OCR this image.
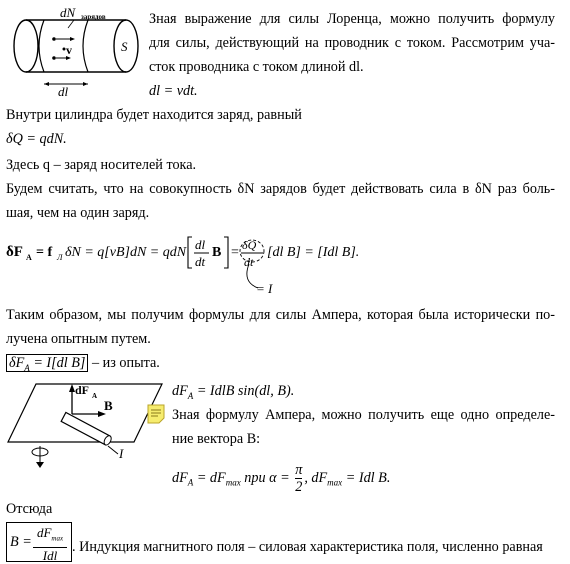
dN зарядов
v	S
dl
Зная выражение для силы Лоренца, можно получить формулу
для силы, действующий на проводник с током. Рассмотрим уча-
сток проводника с током длиной dl.
dl = vdt.
Внутри цилиндра будет находится заряд, равный
δQ = qdN.
Здесь q – заряд носителей тока.
Будем считать, что на совокупность δN зарядов будет действовать сила в δN раз боль-
шая, чем на один заряд.
δF A = f Л δN = q[vB]dN = qdN
dl
dt
B = δQ
dt
[dl B] = [Idl B].
= I
Таким образом, мы получим формулы для силы Ампера, которая была исторически по-
лучена опытным путем.
$\delta F_A = I[dl$ B] – из опыта.
dF A
B
I
$dF_A$ = IdlB sin(dl, B).
Зная формулу Ампера, можно получить еще одно определе-
ние вектора B:
$dF_A = dF_{max}$ при $\alpha = \frac{\pi}{2}$ , $dF_{max}$ = Idl B.
Отсюда
B =
$dF_{max}$
Idl
. Индукция магнитного поля – силовая характеристика поля, численно равная
